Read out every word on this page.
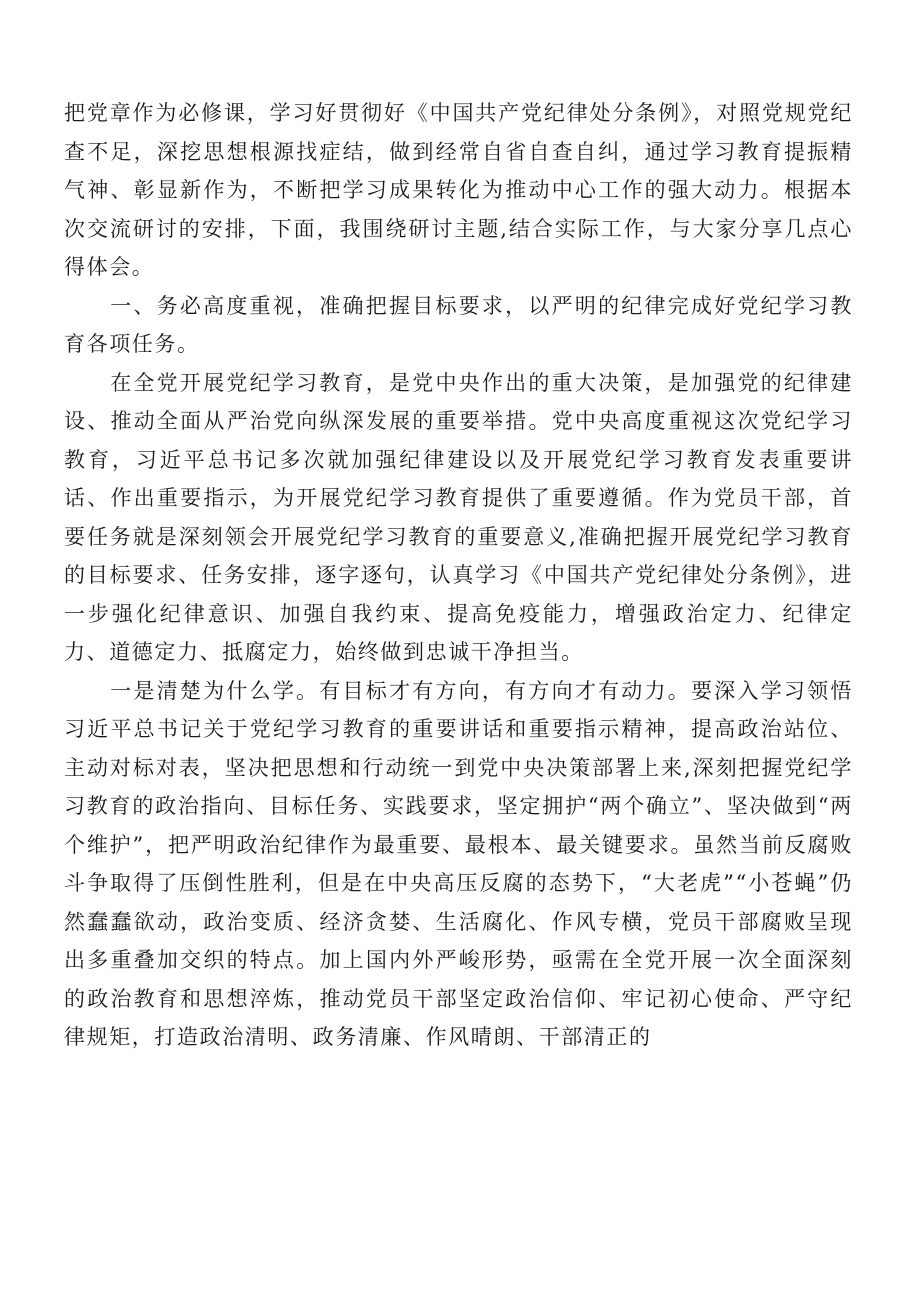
把党章作为必修课，学习好贯彻好《中国共产党纪律处分条例》，对照党规党纪查不足，深挖思想根源找症结，做到经常自省自查自纠，通过学习教育提振精气神、彰显新作为，不断把学习成果转化为推动中心工作的强大动力。根据本次交流研讨的安排，下面，我围绕研讨主题,结合实际工作，与大家分享几点心得体会。

一、务必高度重视，准确把握目标要求，以严明的纪律完成好党纪学习教育各项任务。

在全党开展党纪学习教育，是党中央作出的重大决策，是加强党的纪律建设、推动全面从严治党向纵深发展的重要举措。党中央高度重视这次党纪学习教育，习近平总书记多次就加强纪律建设以及开展党纪学习教育发表重要讲话、作出重要指示，为开展党纪学习教育提供了重要遵循。作为党员干部，首要任务就是深刻领会开展党纪学习教育的重要意义,准确把握开展党纪学习教育的目标要求、任务安排，逐字逐句，认真学习《中国共产党纪律处分条例》，进一步强化纪律意识、加强自我约束、提高免疫能力，增强政治定力、纪律定力、道德定力、抵腐定力，始终做到忠诚干净担当。

一是清楚为什么学。有目标才有方向，有方向才有动力。要深入学习领悟习近平总书记关于党纪学习教育的重要讲话和重要指示精神，提高政治站位、主动对标对表，坚决把思想和行动统一到党中央决策部署上来,深刻把握党纪学习教育的政治指向、目标任务、实践要求，坚定拥护“两个确立”、坚决做到“两个维护”，把严明政治纪律作为最重要、最根本、最关键要求。虽然当前反腐败斗争取得了压倒性胜利，但是在中央高压反腐的态势下，“大老虎”“小苍蝇”仍然蠢蠢欲动，政治变质、经济贪婪、生活腐化、作风专横，党员干部腐败呈现出多重叠加交织的特点。加上国内外严峻形势，亟需在全党开展一次全面深刻的政治教育和思想淬炼，推动党员干部坚定政治信仰、牢记初心使命、严守纪律规矩，打造政治清明、政务清廉、作风晴朗、干部清正的
